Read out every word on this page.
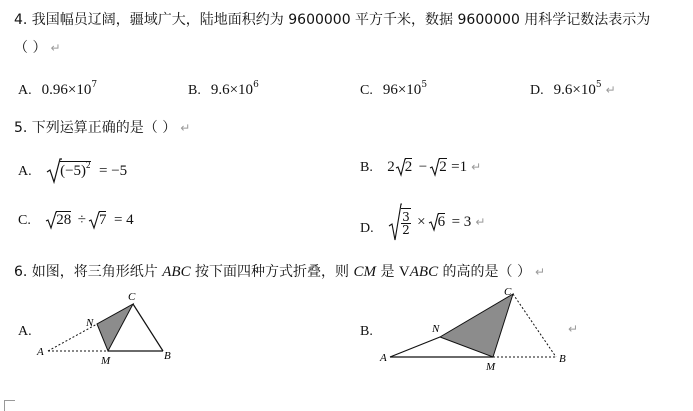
4. 我国幅员辽阔，疆域广大，陆地面积约为 9600000 平方千米，数据 9600000 用科学记数法表示为
（ ） ↵
A. $0.96\times 10^7$	B. $9.6\times 10^6$	C. $96\times 10^5$	D. $9.6\times 10^5$ ↵
5. 下列运算正确的是（ ） ↵
A. $(-5)^2 = -5$	B. 2 2 − 2 =1 ↵
C. 28 ÷ 7 = 4
D. $\frac{3}{2} \times 6 = 3$ ↵
6. 如图，将三角形纸片 ABC 按下面四种方式折叠，则 CM 是 VABC 的高的是（ ） ↵
A.
A	B
C
M
N
B.
A	B
C
M
N	↵
